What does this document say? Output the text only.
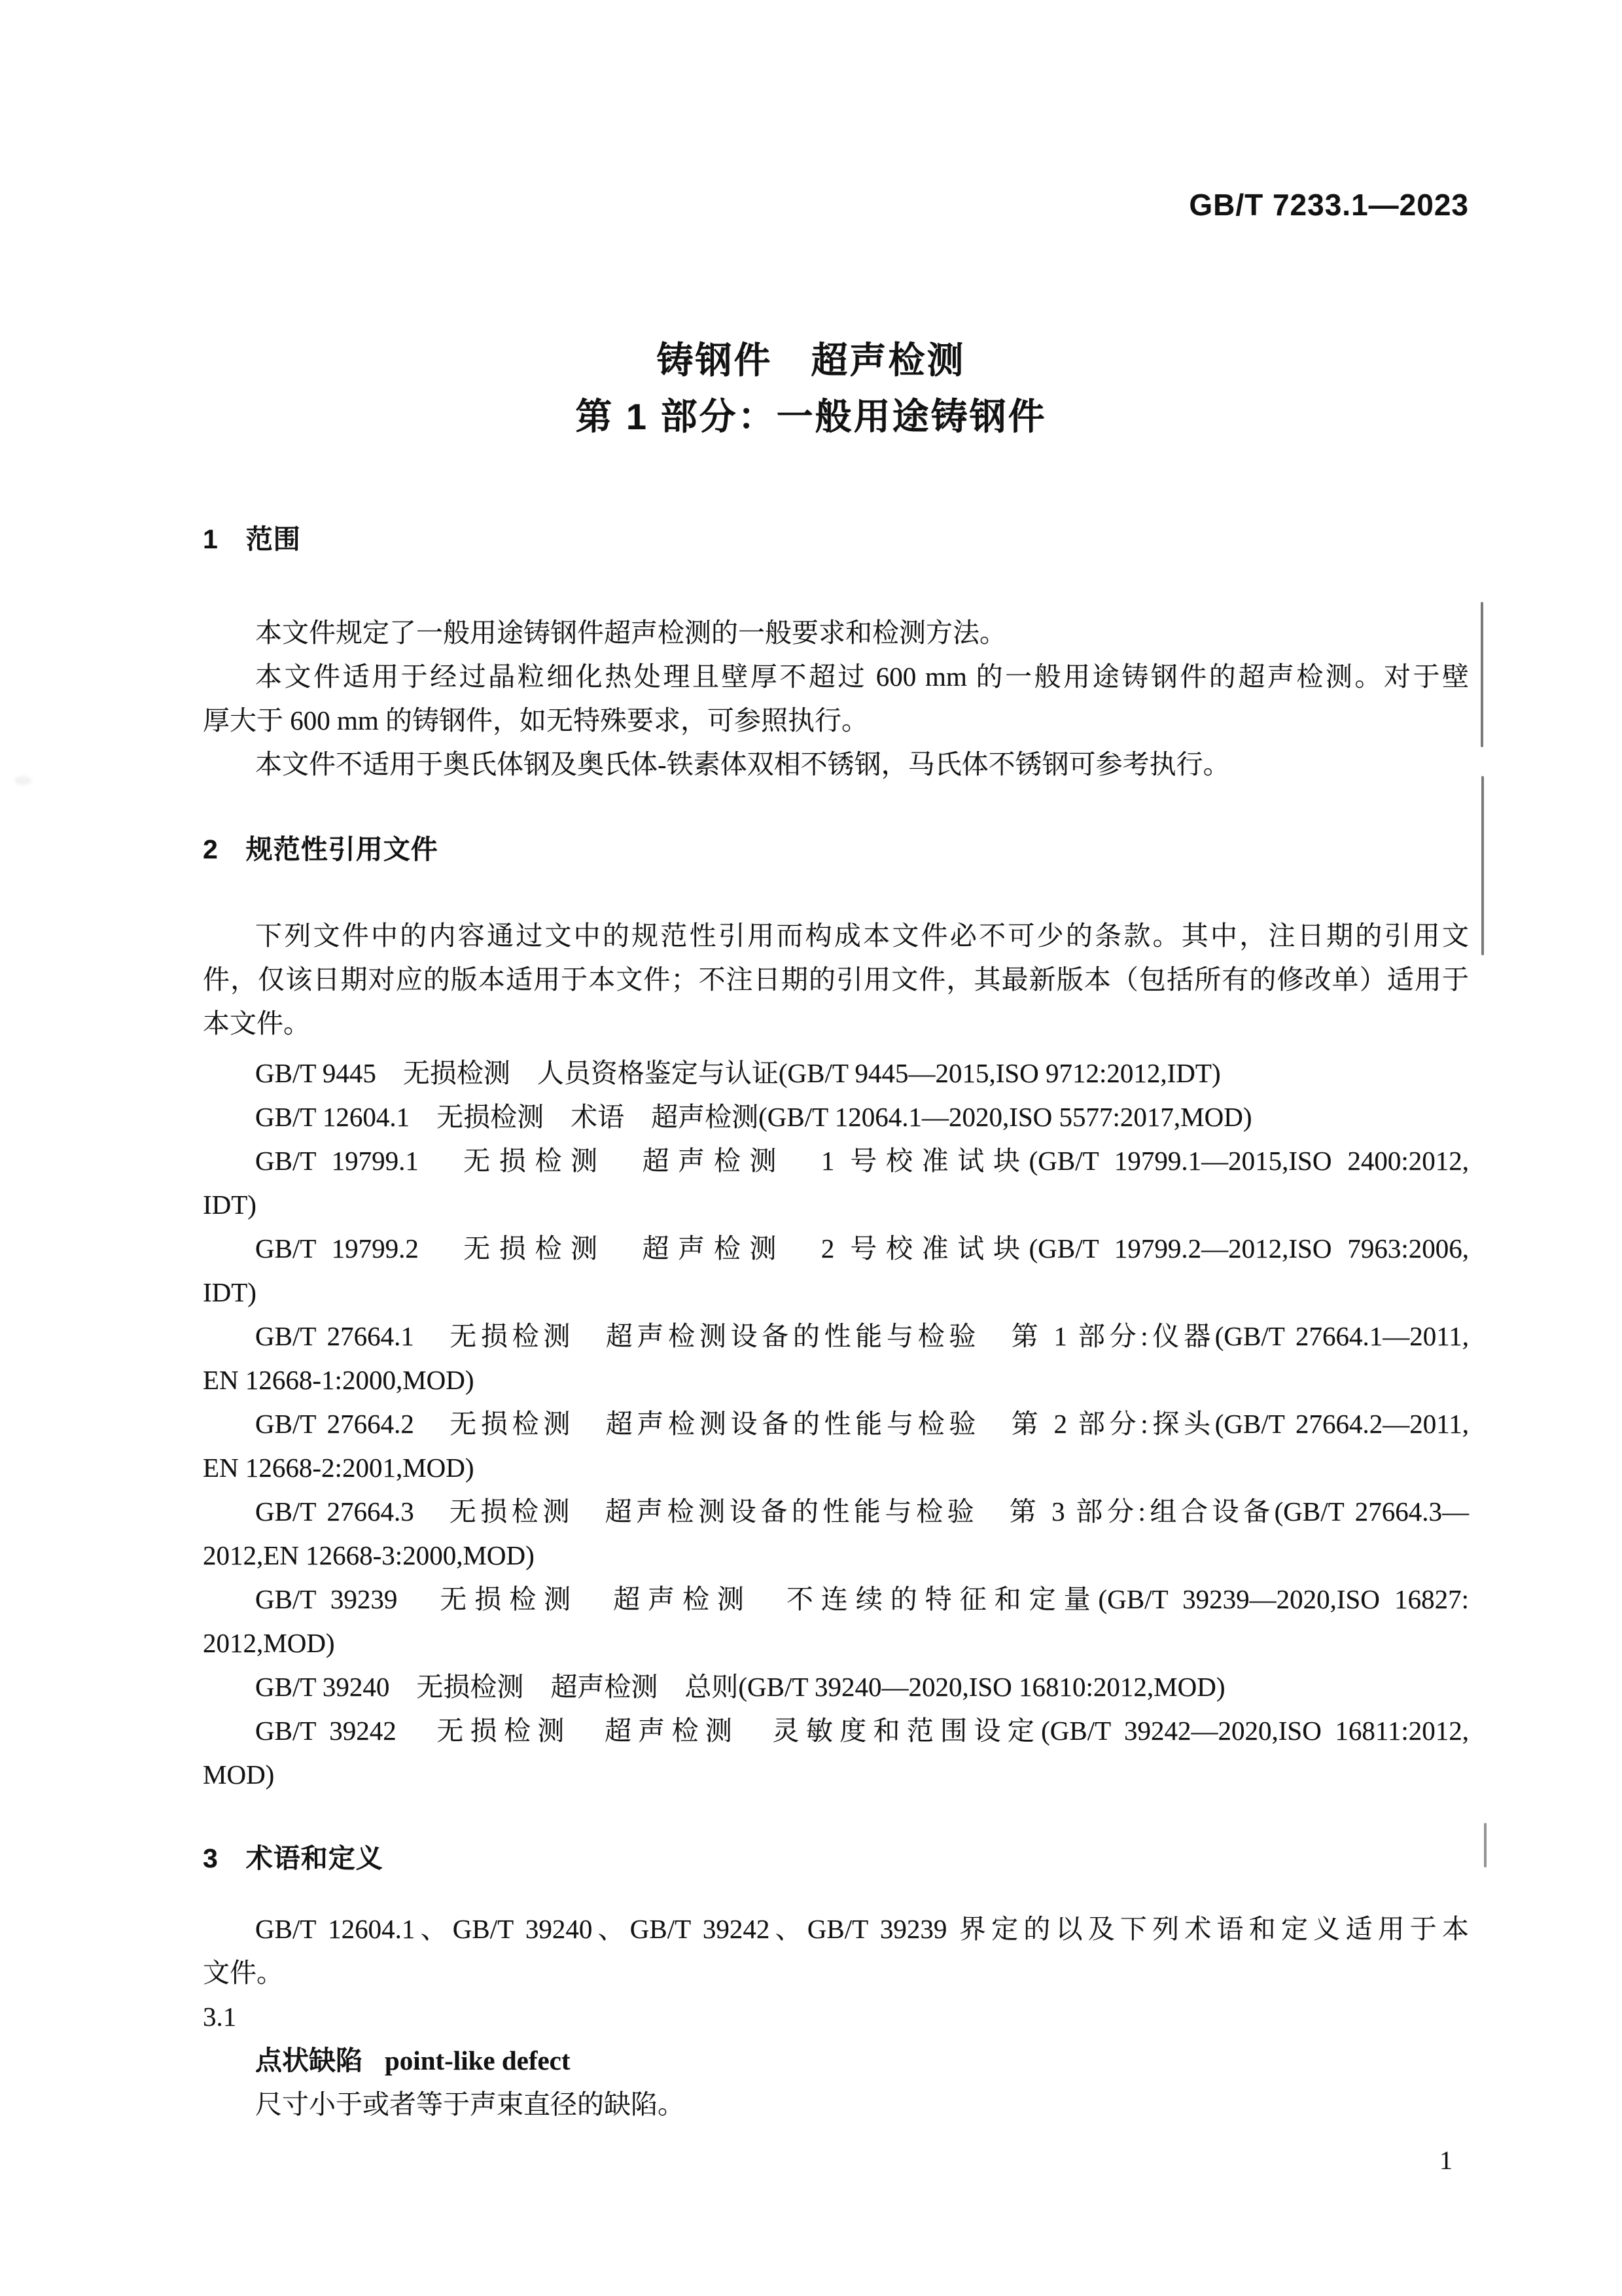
GB/T 7233.1—2023
铸钢件　超声检测
第 1 部分：一般用途铸钢件
1　范围
本文件规定了一般用途铸钢件超声检测的一般要求和检测方法。
本文件适用于经过晶粒细化热处理且壁厚不超过 600 mm 的一般用途铸钢件的超声检测。对于壁
厚大于 600 mm 的铸钢件，如无特殊要求，可参照执行。
本文件不适用于奥氏体钢及奥氏体-铁素体双相不锈钢，马氏体不锈钢可参考执行。
2　规范性引用文件
下列文件中的内容通过文中的规范性引用而构成本文件必不可少的条款。其中，注日期的引用文
件，仅该日期对应的版本适用于本文件；不注日期的引用文件，其最新版本（包括所有的修改单）适用于
本文件。
GB/T 9445　无损检测　人员资格鉴定与认证(GB/T 9445—2015,ISO 9712:2012,IDT)
GB/T 12604.1　无损检测　术语　超声检测(GB/T 12064.1—2020,ISO 5577:2017,MOD)
GB/T 19799.1　无损检测　超声检测　1 号校准试块(GB/T 19799.1—2015,ISO 2400:2012,
IDT)
GB/T 19799.2　无损检测　超声检测　2 号校准试块(GB/T 19799.2—2012,ISO 7963:2006,
IDT)
GB/T 27664.1　无损检测　超声检测设备的性能与检验　第 1 部分:仪器(GB/T 27664.1—2011,
EN 12668-1:2000,MOD)
GB/T 27664.2　无损检测　超声检测设备的性能与检验　第 2 部分:探头(GB/T 27664.2—2011,
EN 12668-2:2001,MOD)
GB/T 27664.3　无损检测　超声检测设备的性能与检验　第 3 部分:组合设备(GB/T 27664.3—
2012,EN 12668-3:2000,MOD)
GB/T 39239　无损检测　超声检测　不连续的特征和定量(GB/T 39239—2020,ISO 16827:
2012,MOD)
GB/T 39240　无损检测　超声检测　总则(GB/T 39240—2020,ISO 16810:2012,MOD)
GB/T 39242　无损检测　超声检测　灵敏度和范围设定(GB/T 39242—2020,ISO 16811:2012,
MOD)
3　术语和定义
GB/T 12604.1、GB/T 39240、GB/T 39242、GB/T 39239 界定的以及下列术语和定义适用于本
文件。
3.1
尺寸小于或者等于声束直径的缺陷。
点状缺陷 point-like defect
1
